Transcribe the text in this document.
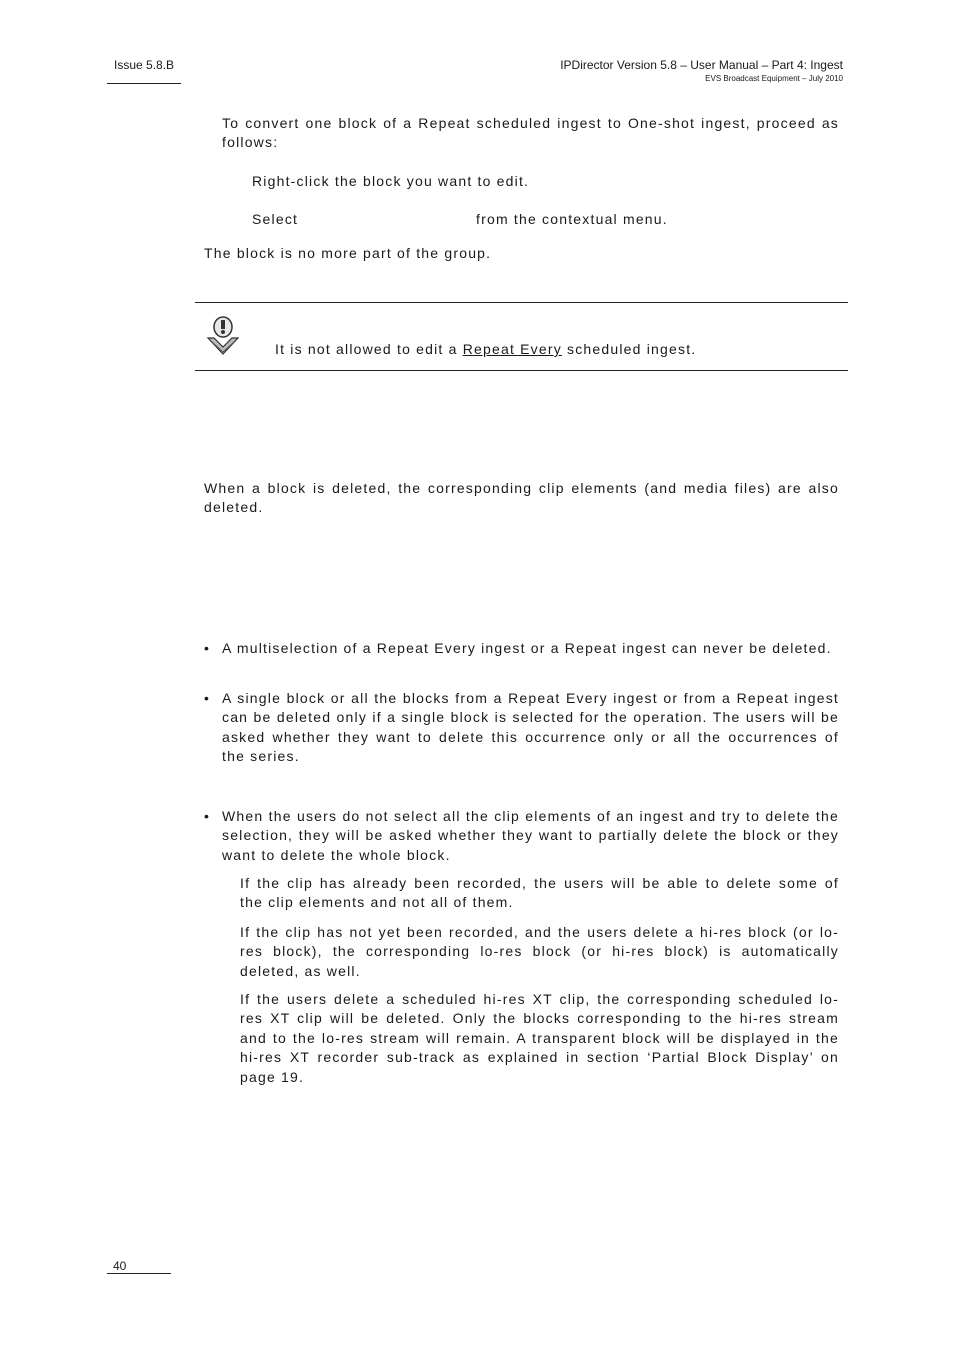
Issue 5.8.B	IPDirector Version 5.8 – User Manual – Part 4: Ingest
EVS Broadcast Equipment – July 2010
To convert one block of a Repeat scheduled ingest to One-shot ingest, proceed as follows:
Right-click the block you want to edit.
Select	from the contextual menu.
The block is no more part of the group.
It is not allowed to edit a Repeat Every scheduled ingest.
When a block is deleted, the corresponding clip elements (and media files) are also deleted.
• A multiselection of a Repeat Every ingest or a Repeat ingest can never be deleted.
• A single block or all the blocks from a Repeat Every ingest or from a Repeat ingest can be deleted only if a single block is selected for the operation. The users will be asked whether they want to delete this occurrence only or all the occurrences of the series.
• When the users do not select all the clip elements of an ingest and try to delete the selection, they will be asked whether they want to partially delete the block or they want to delete the whole block.
If the clip has already been recorded, the users will be able to delete some of the clip elements and not all of them.
If the clip has not yet been recorded, and the users delete a hi-res block (or lo-res block), the corresponding lo-res block (or hi-res block) is automatically deleted, as well.
If the users delete a scheduled hi-res XT clip, the corresponding scheduled lo-res XT clip will be deleted. Only the blocks corresponding to the hi-res stream and to the lo-res stream will remain. A transparent block will be displayed in the hi-res XT recorder sub-track as explained in section ‘Partial Block Display’ on page 19.
40
